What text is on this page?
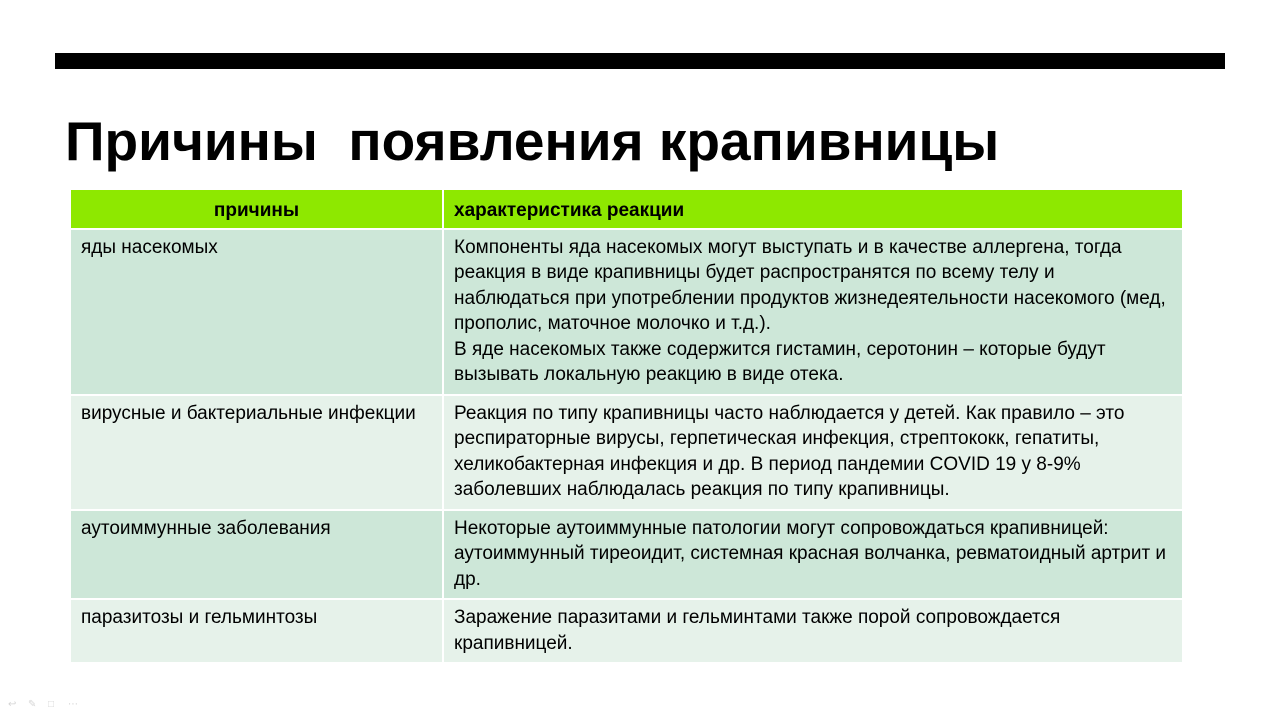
Причины  появления крапивницы
причины	характеристика реакции
яды насекомых	Компоненты яда насекомых могут выступать и в качестве аллергена, тогда реакция в виде крапивницы будет распространятся по всему телу и наблюдаться при употреблении продуктов жизнедеятельности насекомого (мед, прополис, маточное молочко и т.д.).
В яде насекомых также содержится гистамин, серотонин – которые будут вызывать локальную реакцию в виде отека.

вирусные и бактериальные инфекции	Реакция по типу крапивницы часто наблюдается у детей. Как правило – это респираторные вирусы, герпетическая инфекция, стрептококк, гепатиты, хеликобактерная инфекция и др. В период пандемии COVID 19 у 8-9% заболевших наблюдалась реакция по типу крапивницы.

аутоиммунные заболевания	Некоторые аутоиммунные патологии могут сопровождаться крапивницей: аутоиммунный тиреоидит, системная красная волчанка, ревматоидный артрит и др.

паразитозы и гельминтозы	Заражение паразитами и гельминтами также порой сопровождается крапивницей.
↩	✎	□	⋯
